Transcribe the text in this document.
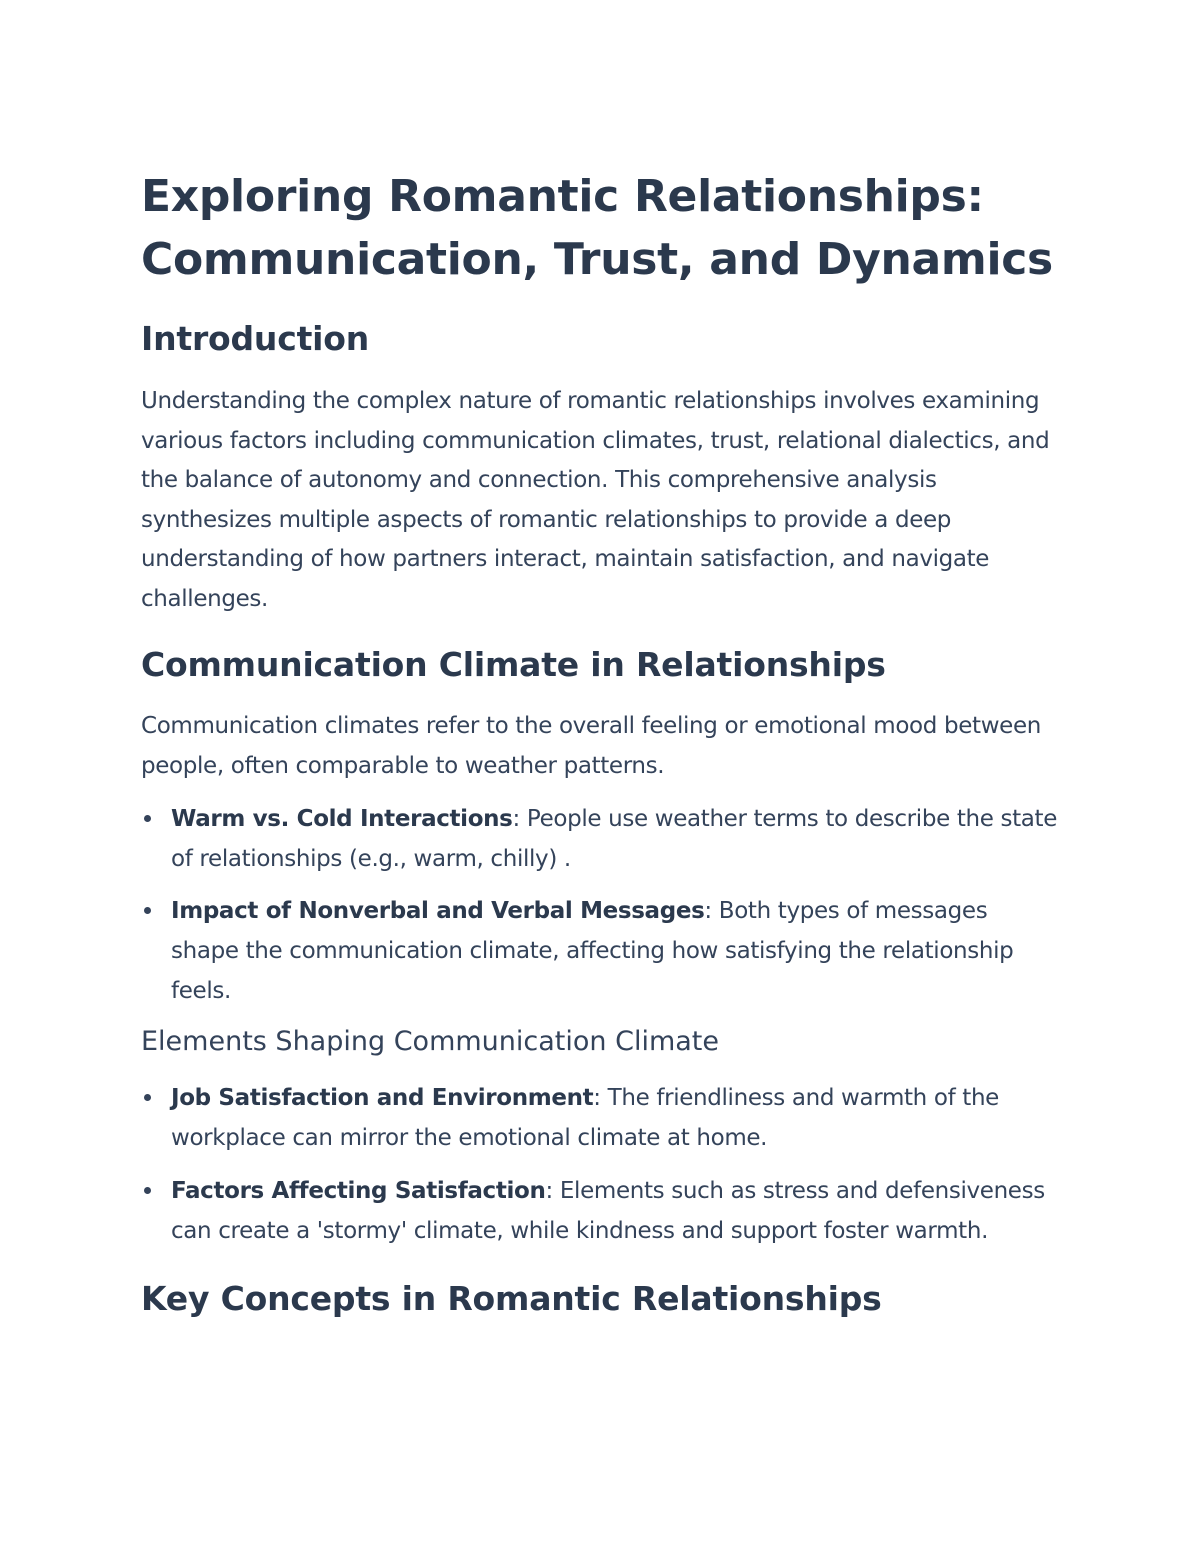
Exploring Romantic Relationships:
Communication, Trust, and Dynamics
Introduction

Understanding the complex nature of romantic relationships involves examining various factors including communication climates, trust, relational dialectics, and the balance of autonomy and connection. This comprehensive analysis synthesizes multiple aspects of romantic relationships to provide a deep understanding of how partners interact, maintain satisfaction, and navigate challenges.

Communication Climate in Relationships

Communication climates refer to the overall feeling or emotional mood between people, often comparable to weather patterns.

Warm vs. Cold Interactions: People use weather terms to describe the state of relationships (e.g., warm, chilly) .
Impact of Nonverbal and Verbal Messages: Both types of messages shape the communication climate, affecting how satisfying the relationship feels.
Elements Shaping Communication Climate
Job Satisfaction and Environment: The friendliness and warmth of the workplace can mirror the emotional climate at home.
Factors Affecting Satisfaction: Elements such as stress and defensiveness can create a 'stormy' climate, while kindness and support foster warmth.
Key Concepts in Romantic Relationships
